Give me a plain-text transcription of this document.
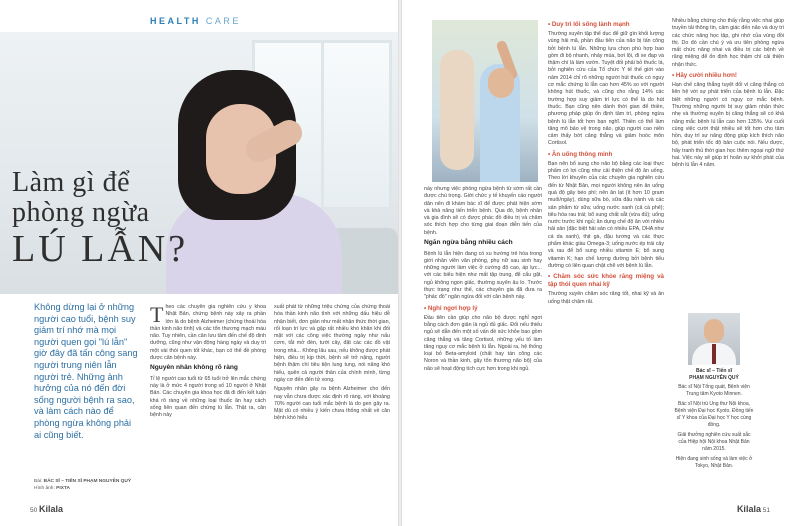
HEALTH CARE
Làm gì để
phòng ngừa
LÚ LẪN?
Không dừng lại ở những người cao tuổi, bệnh suy giảm trí nhớ mà mọi người quen gọi "lú lẫn" giờ đây đã tấn công sang người trung niên lẫn người trẻ. Những ảnh hưởng của nó đến đời sống người bệnh ra sao, và làm cách nào để phòng ngừa không phải ai cũng biết.
Bài: BÁC SĨ – TIẾN SĨ PHẠM NGUYỄN QUÝ
Hình ảnh: PIXTA

Theo các chuyên gia nghiên cứu y khoa Nhật Bản, chứng bệnh này xảy ra phần lớn là do bệnh Alzheimer (chứng thoái hóa thần kinh não tình) và các tổn thương mạch máu não. Tuy nhiên, cần cân lưu tâm đến chế độ dinh dưỡng, cũng như vận động hàng ngày và duy trì một vài thói quen tốt khác, bạn có thể đề phòng được căn bệnh này.

Nguyên nhân không rõ ràng

Tỉ lệ người cao tuổi từ 65 tuổi trở lên mắc chứng này là ở mức 4 người trong số 10 người ở Nhật Bản. Các chuyên gia khoa học đã đi đến kết luận khá rõ ràng về những loại thuốc ăn hay cách sống liên quan đến chứng lú lẫn. Thật ra, căn bệnh này

xuất phát từ những triệu chứng của chứng thoái hóa thần kinh não tình với những dấu hiệu dễ nhận biết, đơn giản như mất nhận thức thời gian, rối loạn trí lực và gặp rất nhiều khó khăn khi đối mặt với các công việc thường ngày như nấu cơm, tắt mở đèn, tưới cây, đặt các các đồ vật trong nhà... Không lâu sau, nếu không được phát hiện, điều trị kịp thời, bệnh sẽ trở nặng, người bệnh thậm chí tiêu tiện lung tung, nói năng khó hiểu, quên cả người thân của chính mình, từng ngày cơ đến đến tử vong.

Nguyên nhân gây ra bệnh Alzheimer cho đến nay vẫn chưa được xác định rõ ràng, với khoảng 70% người cao tuổi mắc bệnh là do gen gây ra. Mặt dù có nhiều ý kiến chưa thống nhất về căn bệnh khó hiểu

50 Kilala

này nhưng việc phòng ngừa bệnh từ sớm rất cần được chú trọng. Giới chức y tế khuyến cáo người dân nên đi khám bác sĩ để được phát hiện sớm và khả năng tiến triển bệnh. Qua đó, bệnh nhân và gia đình sẽ có được phác đồ điều trị và chăm sóc thích hợp cho từng giai đoạn diễn tiến của bệnh.

Ngăn ngừa bằng nhiều cách

Bệnh lú lẫn hiện đang có xu hướng trẻ hóa trong giới nhân viên văn phòng, phụ nữ sau sinh hay những người làm việc ở cường độ cao, áp lực... với các biểu hiện như mất tập trung, để cẩu gặt, ngủ không ngon giấc, thường xuyên âu lo. Trước thực trạng như thế, các chuyên gia đã đưa ra "phác đồ" ngăn ngừa đối với căn bệnh này.

• Nghỉ ngơi hợp lý

Đầu tiên cần giúp cho não bộ được nghỉ ngơi bằng cách đơn giản là ngủ đủ giấc. Đối nếu thiếu ngủ sẽ dẫn đến một số vấn đề sức khỏe bao gồm căng thẳng và tăng Cortisol, những yếu tố làm tăng nguy cơ mắc bệnh lú lẫn. Ngoài ra, hệ thống loại bỏ Beta-amyloid (chất hay tán công các Noron và thần kinh, gây tổn thương não bộ) của não sẽ hoạt động tích cực hơn trong khi ngủ.

• Duy trì lối sống lành mạnh

Thường xuyên tập thể dục để giữ gìn khối lượng vùng hải mã, phần đầu tiên của não bị tấn công bởi bệnh lú lẫn. Những lựa chọn phù hợp bao gồm đi bộ nhanh, nhảy múa, bơi lội, đi xe đạp và thậm chí là làm vườn. Tuyệt đối phải bỏ thuốc lá, bởi nghiên cứu của Tổ chức Y tế thế giới vào năm 2014 chỉ rõ những người hút thuốc có nguy cơ mắc chứng lú lẫn cao hơn 45% so với người không hút thuốc, và cũng cho rằng 14% các trường hợp suy giảm trí lực có thể là do hút thuốc. Bạn cũng nên dành thời gian để thiền, phương pháp giúp ổn định tâm trí, phòng ngừa bệnh lú lẫn tốt hơn bạn nghĩ. Thiền có thể làm tăng mô bảo vệ trong não, giúp người cao niên cảm thấy bớt căng thẳng và giảm hoóc môn Cortisol.

• Ăn uống thông minh

Bạn nên bổ sung cho não bộ bằng các loại thực phẩm có lợi cũng như cải thiện chế độ ăn uống. Theo lời khuyên của các chuyên gia nghiên cứu đến từ Nhật Bản, mọi người không nên ăn uống quá độ gây béo phì; nên ăn lạt (ít hơn 10 gram muối/ngày), dùng sữa bò, sữa đậu nành và các sản phẩm từ sữa; uống nước xanh (cả cà phê); tiêu hóa rau trái; bổ sung chất sắt (vừa đủ); uống nước trước khi ngủ; ăn dụng chế độ ăn với nhiều hải sản (đặc biệt hải sản có nhiều EPA, DHA như cá da xanh), thịt gà, đậu tương và các thực phẩm khác giàu Omega-3; uống nước ép trái cây và rau để bổ sung nhiều vitamin E; bổ sung vitamin K; hạn chế lượng đường bởi bệnh tiểu đường có liên quan chặt chẽ với bệnh lú lẫn.

• Chăm sóc sức khỏe răng miệng và tập thói quen nhai kỹ

Thường xuyên chăm sóc răng tốt, nhai kỹ và ăn uống thật chậm rãi.

Nhiều bằng chứng cho thấy rằng việc nhai giúp truyền tải thông tin, cảm giác đến não và duy trì các chức năng học tập, ghi nhớ của vùng đồi thị. Do đó cần chú ý và ưu tiên phòng ngừa mất chức năng nhai và điều trị các bệnh về răng miệng để ổn định học thậm chí cải thiện nhận thức.

• Hãy cười nhiều hơn!

Hạn chế căng thẳng tuyệt đối vì căng thẳng có liên hệ với sự phát triển của bệnh lú lẫn. Đặc biệt những người có nguy cơ mắc bệnh. Thường những người bị suy giảm nhận thức nhẹ và thường xuyên bị căng thẳng sẽ có khả năng mắc bệnh lú lẫn cao hơn 135%. Vui cuối cùng việc cười thật nhiều sẽ tốt hơn cho tâm hồn, duy trì sự năng động giúp kích thích não bộ, phát triển tốc độ bản cuộc nói. Nếu được, hãy tranh thủ thời gian học thêm ngoại ngữ thứ hai. Việc này sẽ giúp trí hoãn sự khởi phát của bệnh lú lẫn 4 năm.

Bác sĩ – Tiến sĩ
PHẠM NGUYỄN QUÝ

Bác sĩ Nội Tổng quát, Bệnh viện Trung tâm Kyoto Minnen.

Bác sĩ Nội trú Ung thư Nội khoa, Bệnh viện Đại học Kyoto. Đồng tiến sĩ Y khoa của Đại học Y học cùng đồng.

Giải thưởng nghiên cứu xuất sắc của Hiệp hội Nội khoa Nhật Bản năm 2015.

Hiện đang sinh sống và làm việc ở Tokyo, Nhật Bản.

Kilala 51
